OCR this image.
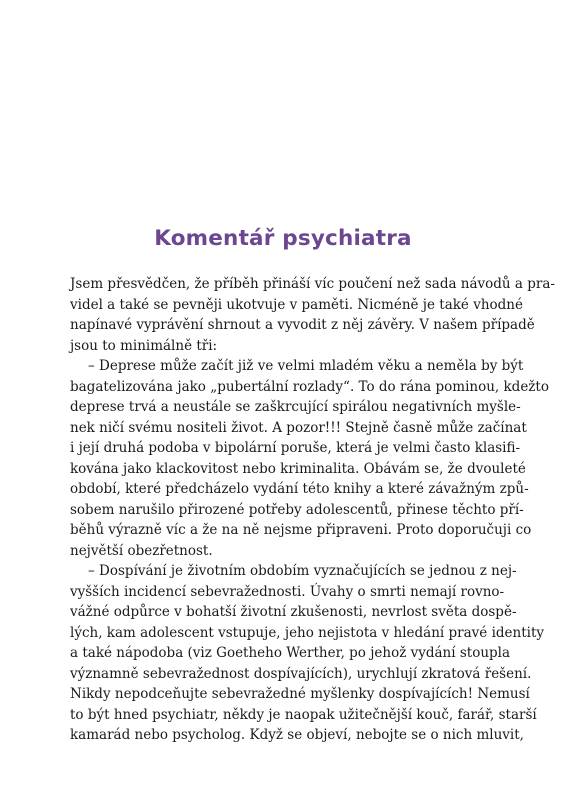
Komentář psychiatra
Jsem přesvědčen, že příběh přináší víc poučení než sada návodů a pra-
videl a také se pevněji ukotvuje v paměti. Nicméně je také vhodné
napínavé vyprávění shrnout a vyvodit z něj závěry. V našem případě
jsou to minimálně tři:
– Deprese může začít již ve velmi mladém věku a neměla by být
bagatelizována jako „pubertální rozlady“. To do rána pominou, kdežto
deprese trvá a neustále se zaškrcující spirálou negativních myšle-
nek ničí svému nositeli život. A pozor!!! Stejně časně může začínat
i její druhá podoba v bipolární poruše, která je velmi často klasifi-
kována jako klackovitost nebo kriminalita. Obávám se, že dvouleté
období, které předcházelo vydání této knihy a které závažným způ-
sobem narušilo přirozené potřeby adolescentů, přinese těchto pří-
běhů výrazně víc a že na ně nejsme připraveni. Proto doporučuji co
největší obezřetnost.
– Dospívání je životním obdobím vyznačujících se jednou z nej-
vyšších incidencí sebevražednosti. Úvahy o smrti nemají rovno-
vážné odpůrce v bohatší životní zkušenosti, nevrlost světa dospě-
lých, kam adolescent vstupuje, jeho nejistota v hledání pravé identity
a také nápodoba (viz Goetheho Werther, po jehož vydání stoupla
významně sebevražednost dospívajících), urychlují zkratová řešení.
Nikdy nepodceňujte sebevražedné myšlenky dospívajících! Nemusí
to být hned psychiatr, někdy je naopak užitečnější kouč, farář, starší
kamarád nebo psycholog. Když se objeví, nebojte se o nich mluvit,
